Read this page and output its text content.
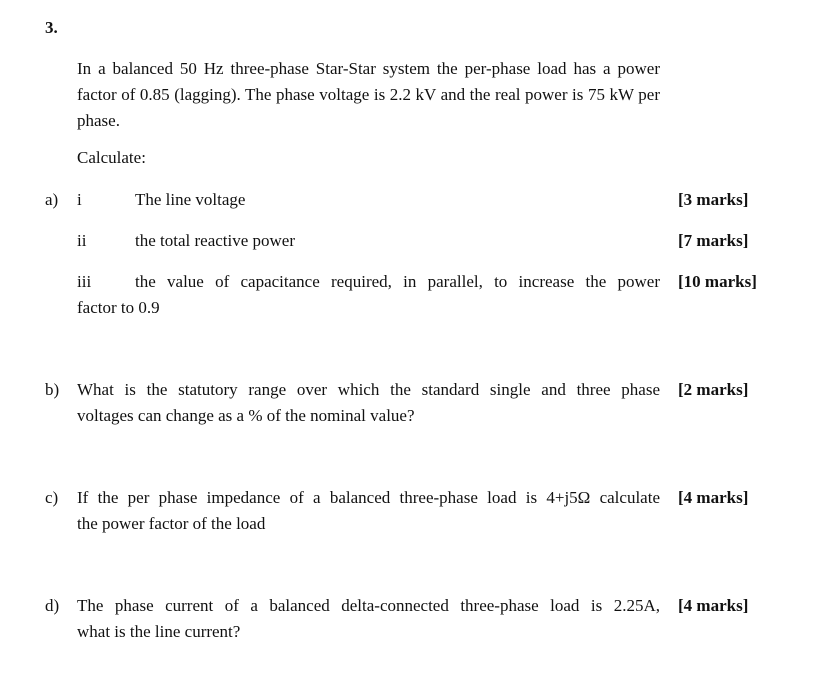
3.
In a balanced 50 Hz three-phase Star-Star system the per-phase load has a power factor of 0.85 (lagging). The phase voltage is 2.2 kV and the real power is 75 kW per phase.
Calculate:
a) i	The line voltage	[3 marks]
ii	the total reactive power	[7 marks]
iii	the value of capacitance required, in parallel, to increase the power
factor to 0.9
[10 marks]
b) What is the statutory range over which the standard single and three phase
voltages can change as a % of the nominal value?
[2 marks]
c) If the per phase impedance of a balanced three-phase load is 4+j5Ω calculate
the power factor of the load
[4 marks]
d) The phase current of a balanced delta-connected three-phase load is 2.25A,
what is the line current?
[4 marks]
